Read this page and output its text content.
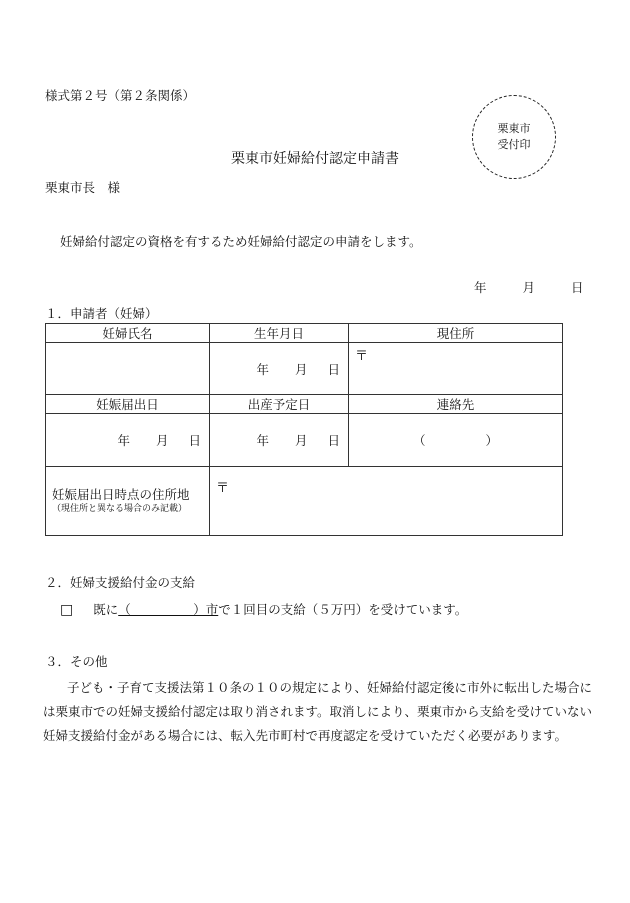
様式第２号（第２条関係）
栗東市
受付印
栗東市妊婦給付認定申請書
栗東市長　様
妊婦給付認定の資格を有するため妊婦給付認定の申請をします。
年	月	日
１．申請者（妊婦）
妊婦氏名	生年月日	現住所

	年 月 日	〒

妊娠届出日	出産予定日	連絡先

年 月 日	年 月 日	（ ）

妊娠届出日時点の住所地
（現住所と異なる場合のみ記載）	〒	
２．妊婦支援給付金の支給
□ 既に（　　　　　）市で１回目の支給（５万円）を受けています。
３．その他
子ども・子育て支援法第１０条の１０の規定により、妊婦給付認定後に市外に転出した場合には栗東市での妊婦支援給付認定は取り消されます。取消しにより、栗東市から支給を受けていない妊婦支援給付金がある場合には、転入先市町村で再度認定を受けていただく必要があります。
